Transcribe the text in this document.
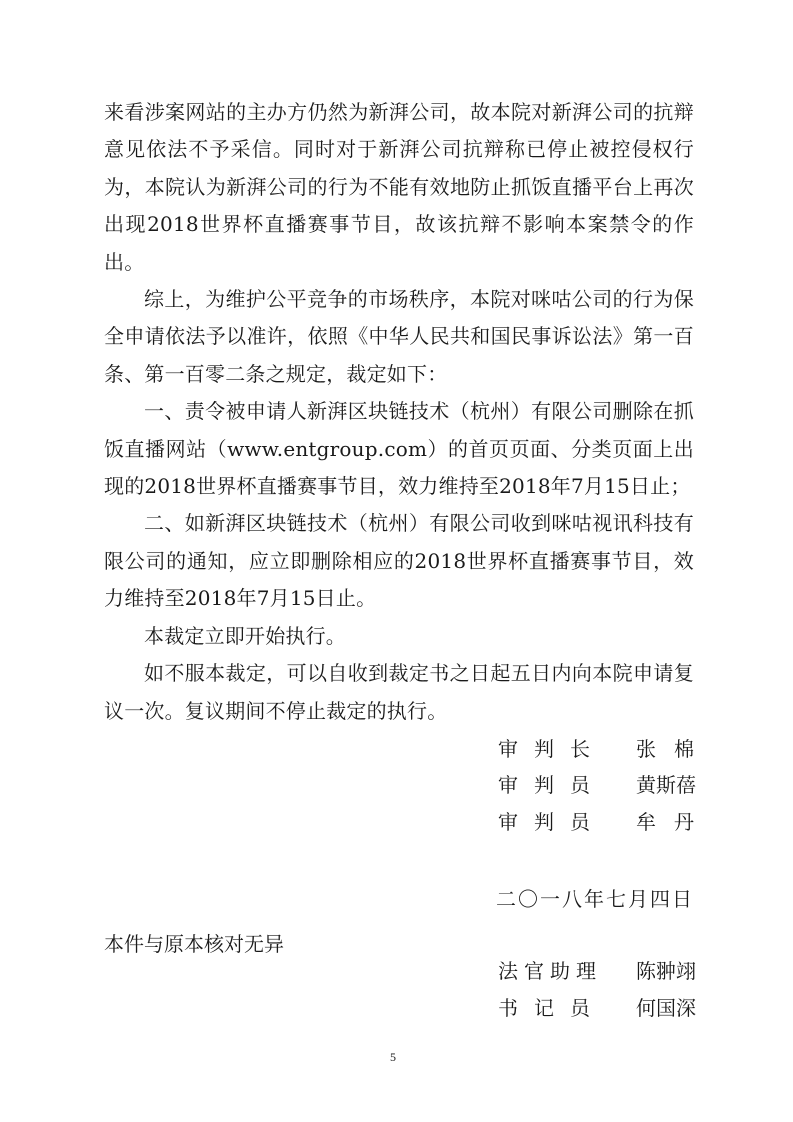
来看涉案网站的主办方仍然为新湃公司，故本院对新湃公司的抗辩意见依法不予采信。同时对于新湃公司抗辩称已停止被控侵权行为，本院认为新湃公司的行为不能有效地防止抓饭直播平台上再次出现2018世界杯直播赛事节目，故该抗辩不影响本案禁令的作出。

综上，为维护公平竞争的市场秩序，本院对咪咕公司的行为保全申请依法予以准许，依照《中华人民共和国民事诉讼法》第一百条、第一百零二条之规定，裁定如下：

一、责令被申请人新湃区块链技术（杭州）有限公司删除在抓饭直播网站（www.entgroup.com）的首页页面、分类页面上出现的2018世界杯直播赛事节目，效力维持至2018年7月15日止；

二、如新湃区块链技术（杭州）有限公司收到咪咕视讯科技有限公司的通知，应立即删除相应的2018世界杯直播赛事节目，效力维持至2018年7月15日止。

本裁定立即开始执行。

如不服本裁定，可以自收到裁定书之日起五日内向本院申请复议一次。复议期间不停止裁定的执行。

审判长 张棉
审判员 黄斯蓓
审判员 牟丹
二〇一八年七月四日
本件与原本核对无异
法官助理 陈翀翊
书记员 何国深
5
